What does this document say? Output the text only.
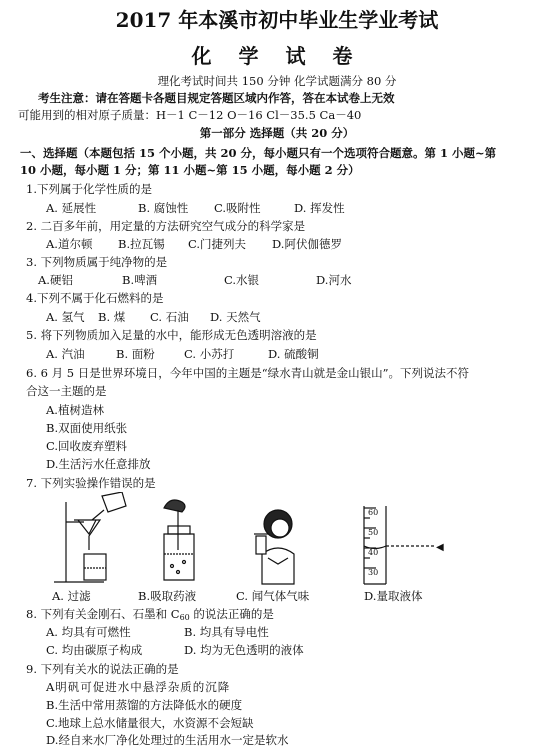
2017 年本溪市初中毕业生学业考试
化 学 试 卷
理化考试时间共 150 分钟 化学试题满分 80 分
考生注意：请在答题卡各题目规定答题区域内作答，答在本试卷上无效
可能用到的相对原子质量：H－1 C－12 O－16 Cl－35.5 Ca－40
第一部分 选择题（共 20 分）
一、选择题（本题包括 15 个小题，共 20 分，每小题只有一个选项符合题意。第 1 小题~第
10 小题，每小题 1 分；第 11 小题~第 15 小题，每小题 2 分）
1.下列属于化学性质的是
A. 延展性	B. 腐蚀性 C.吸附性	D. 挥发性
2. 二百多年前，用定量的方法研究空气成分的科学家是
A.道尔顿 B.拉瓦锡 C.门捷列夫 D.阿伏伽德罗
3. 下列物质属于纯净物的是
A.硬铝	B.啤酒	C.水银	D.河水
4.下列不属于化石燃料的是
A. 氢气 B. 煤 C. 石油 D. 天然气
5. 将下列物质加入足量的水中，能形成无色透明溶液的是
A. 汽油	B. 面粉	C. 小苏打	D. 硫酸铜
6. 6 月 5 日是世界环境日，今年中国的主题是“绿水青山就是金山银山”。下列说法不符
合这一主题的是
A.植树造林
B.双面使用纸张
C.回收废弃塑料
D.生活污水任意排放
7. 下列实验操作错误的是
◀
60
50
40
30
A. 过滤	B.吸取药液	C. 闻气体气味	D.量取液体
8. 下列有关金刚石、石墨和 $C_{60}$ 的说法正确的是
A. 均具有可燃性	B. 均具有导电性
C. 均由碳原子构成	D. 均为无色透明的液体
9. 下列有关水的说法正确的是
A明矾可促进水中悬浮杂质的沉降
B.生活中常用蒸馏的方法降低水的硬度
C.地球上总水储量很大，水资源不会短缺
D.经自来水厂净化处理过的生活用水一定是软水
